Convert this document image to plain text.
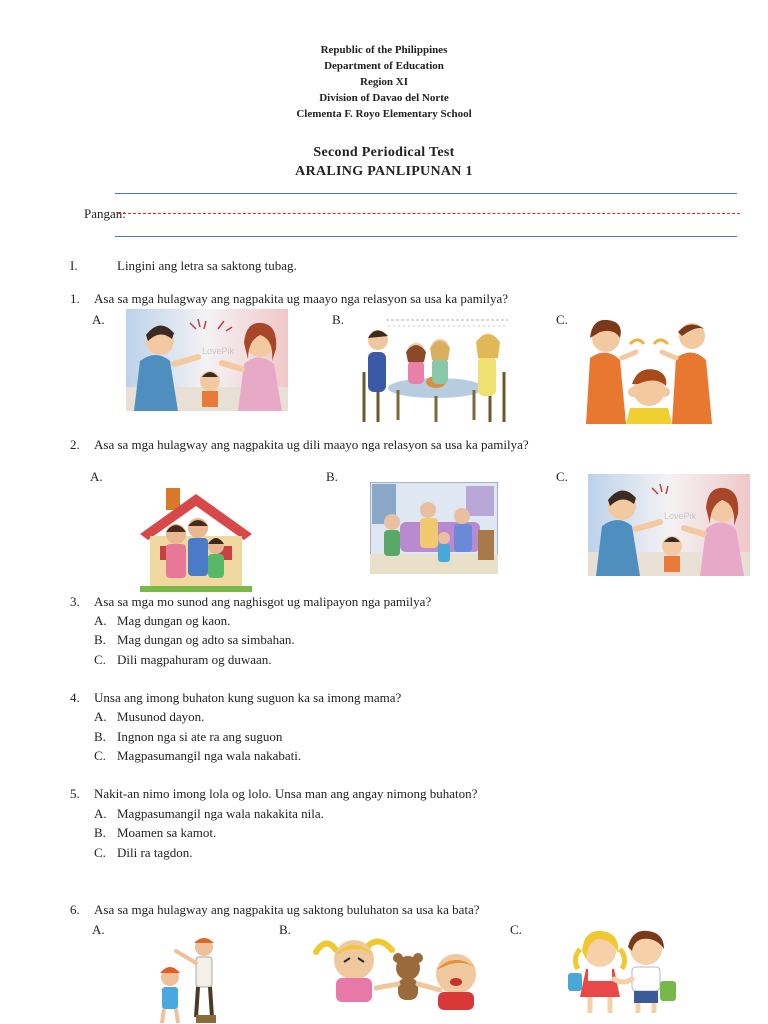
Republic of the Philippines
Department of Education
Region XI
Division of Davao del Norte
Clementa F. Royo Elementary School
Second Periodical Test
ARALING PANLIPUNAN 1
Pangan:
I.	Lingini ang letra sa saktong tubag.
1. Asa sa mga hulagway ang nagpakita ug maayo nga relasyon sa usa ka pamilya?
A.	B.	C.
LovePik
2. Asa sa mga hulagway ang nagpakita ug dili maayo nga relasyon sa usa ka pamilya?
A.	B.	C.
LovePik
3. Asa sa mga mo sunod ang naghisgot ug malipayon nga pamilya?
A. Mag dungan og kaon.
B. Mag dungan og adto sa simbahan.
C. Dili magpahuram og duwaan.
4. Unsa ang imong buhaton kung suguon ka sa imong mama?
A. Musunod dayon.
B. Ingnon nga si ate ra ang suguon
C. Magpasumangil nga wala nakabati.
5. Nakit-an nimo imong lola og lolo. Unsa man ang angay nimong buhaton?
A. Magpasumangil nga wala nakakita nila.
B. Moamen sa kamot.
C. Dili ra tagdon.
6. Asa sa mga hulagway ang nagpakita ug saktong buluhaton sa usa ka bata?
A.	B.	C.
